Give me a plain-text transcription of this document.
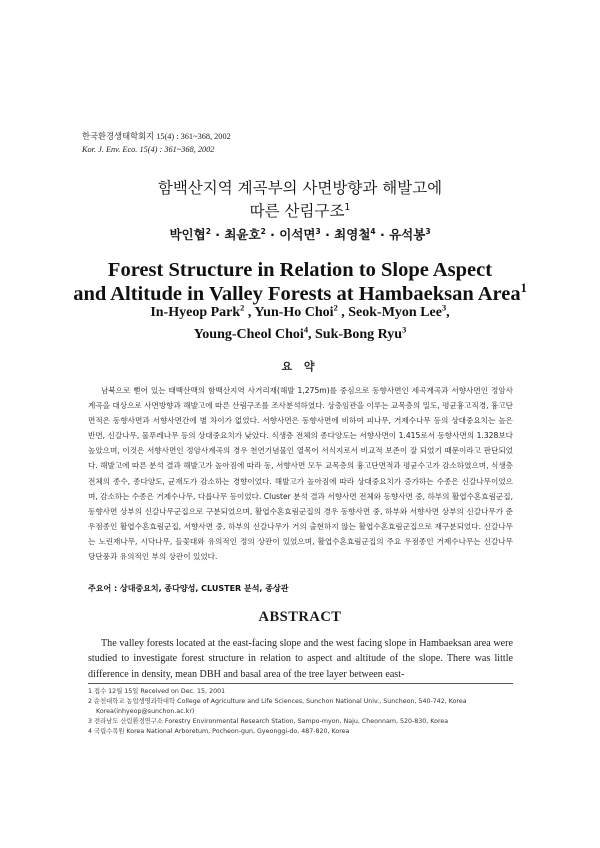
한국환경생태학회지 15(4) : 361~368, 2002
Kor. J. Env. Eco. 15(4) : 361~368, 2002
함백산지역 계곡부의 사면방향과 해발고에
따른 산림구조$^1$
박인협$^2$ · 최윤호$^2$ · 이석면$^3$ · 최영철$^4$ · 유석봉$^3$
Forest Structure in Relation to Slope Aspect
and Altitude in Valley Forests at Hambaeksan Area$^1$
In-Hyeop Park$^2$ , Yun-Ho Choi$^2$ , Seok-Myon Lee$^3$,
Young-Cheol Choi$^4$, Suk-Bong Ryu$^3$
요 약
남북으로 뻗어 있는 태백산맥의 함백산지역 사거리재(해발 1,275m)를 중심으로 동향사면인 세곡계곡과 서향사면인 정암사계곡을 대상으로 사면방향과 해발고에 따른 산림구조를 조사분석하였다. 상층임관을 이루는 교목층의 밀도, 평균흉고직경, 흉고단면적은 동향사면과 서향사면간에 별 차이가 없었다. 서향사면은 동향사면에 비하여 피나무, 거제수나무 등의 상대중요치는 높은 반면, 신갈나무, 물푸레나무 등의 상대중요치가 낮았다. 식생층 전체의 종다양도는 서향사면이 1.415로서 동향사면의 1.328보다 높았으며, 이것은 서향사면인 정암사계곡의 경우 천연기념물인 열목어 서식지로서 비교적 보존이 잘 되었기 때문이라고 판단되었다. 해발고에 따른 분석 결과 해발고가 높아짐에 따라 동, 서향사면 모두 교목층의 흉고단면적과 평균수고가 감소하였으며, 식생층 전체의 종수, 종다양도, 균재도가 감소하는 경향이었다. 해발고가 높아짐에 따라 상대중요치가 증가하는 수종은 신갈나무이었으며, 감소하는 수종은 거제수나무, 다릅나무 등이었다. Cluster 분석 결과 서향사면 전체와 동향사면 중, 하부의 활엽수혼효림군집, 동향사면 상부의 신갈나무군집으로 구분되었으며, 활엽수혼효림군집의 경우 동향사면 중, 하부와 서향사면 상부의 신갈나무가 준우점종인 활엽수혼효림군집, 서향사면 중, 하부의 신갈나무가 거의 출현하지 않는 활엽수혼효림군집으로 재구분되었다. 신갈나무는 노린재나무, 시닥나무, 들꽃대와 유의적인 정의 상관이 있었으며, 활엽수혼효림군집의 주요 우점종인 거제수나무는 신갈나무 당단풍과 유의적인 부의 상관이 있었다.
주요어 : 상대중요치, 종다양성, CLUSTER 분석, 종상관
ABSTRACT
The valley forests located at the east-facing slope and the west facing slope in Hambaeksan area were studied to investigate forest structure in relation to aspect and altitude of the slope. There was little difference in density, mean DBH and basal area of the tree layer between east-
1 접수 12월 15일 Received on Dec. 15, 2001
2 순천대학교 농업생명과학대학 College of Agriculture and Life Sciences, Sunchon National Univ., Suncheon, 540-742, Korea
Korea(inhyeop@sunchon.ac.kr)
3 전라남도 산림환경연구소 Forestry Environmental Research Station, Sampo-myon, Naju, Cheonnam, 520-830, Korea
4 국립수목원 Korea National Arboretum, Pocheon-gun, Gyeonggi-do, 487-820, Korea
